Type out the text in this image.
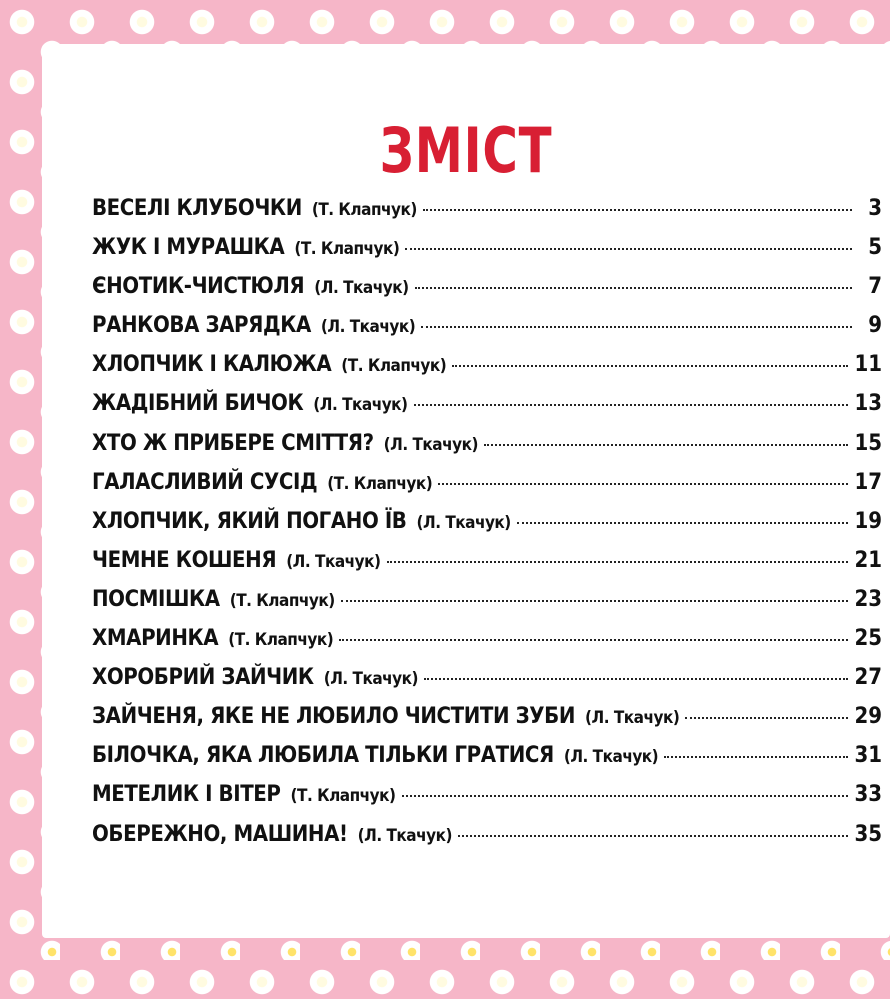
ЗМІСТ
ВЕСЕЛІ КЛУБОЧКИ (Т. Клапчук)	3
ЖУК І МУРАШКА (Т. Клапчук)	5
ЄНОТИК-ЧИСТЮЛЯ (Л. Ткачук)	7
РАНКОВА ЗАРЯДКА (Л. Ткачук)	9
ХЛОПЧИК І КАЛЮЖА (Т. Клапчук)	11
ЖАДІБНИЙ БИЧОК (Л. Ткачук)	13
ХТО Ж ПРИБЕРЕ СМІТТЯ? (Л. Ткачук)	15
ГАЛАСЛИВИЙ СУСІД (Т. Клапчук)	17
ХЛОПЧИК, ЯКИЙ ПОГАНО ЇВ (Л. Ткачук)	19
ЧЕМНЕ КОШЕНЯ (Л. Ткачук)	21
ПОСМІШКА (Т. Клапчук)	23
ХМАРИНКА (Т. Клапчук)	25
ХОРОБРИЙ ЗАЙЧИК (Л. Ткачук)	27
ЗАЙЧЕНЯ, ЯКЕ НЕ ЛЮБИЛО ЧИСТИТИ ЗУБИ (Л. Ткачук)	29
БІЛОЧКА, ЯКА ЛЮБИЛА ТІЛЬКИ ГРАТИСЯ (Л. Ткачук)	31
МЕТЕЛИК І ВІТЕР (Т. Клапчук)	33
ОБЕРЕЖНО, МАШИНА! (Л. Ткачук)	35
